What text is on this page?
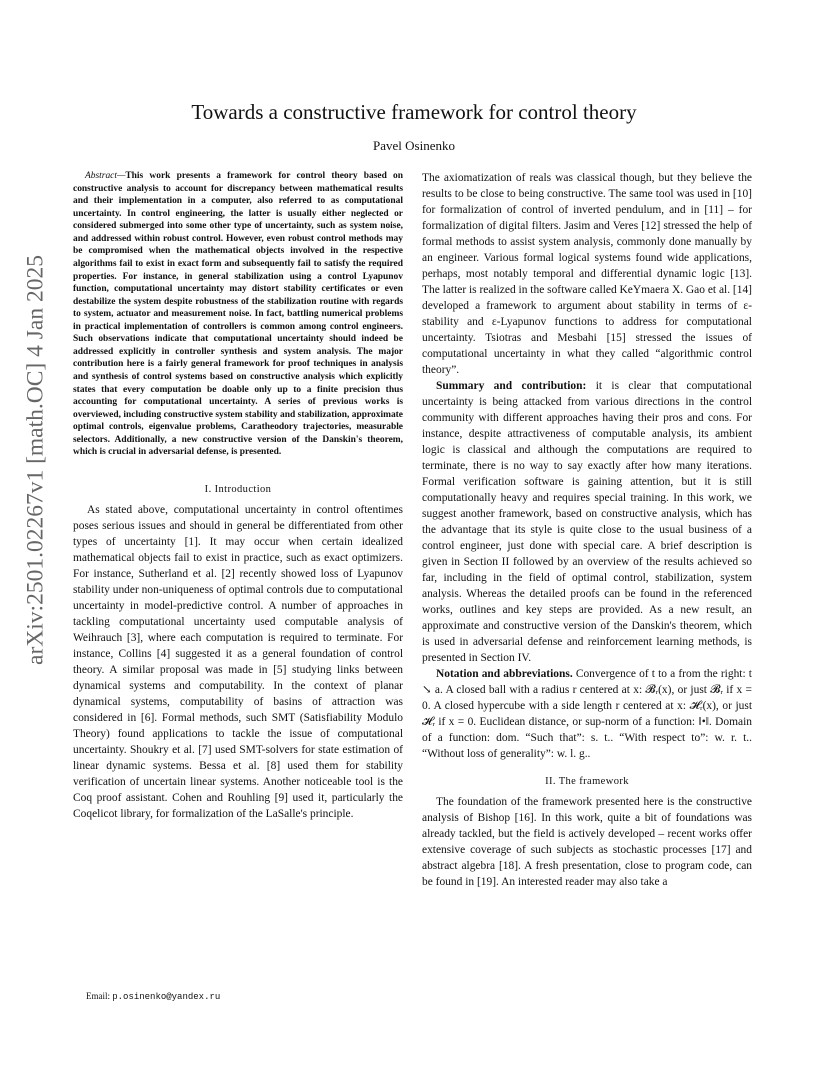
arXiv:2501.02267v1 [math.OC] 4 Jan 2025
Towards a constructive framework for control theory
Pavel Osinenko

Abstract—This work presents a framework for control theory based on constructive analysis to account for discrepancy between mathematical results and their implementation in a computer, also referred to as computational uncertainty. In control engineering, the latter is usually either neglected or considered submerged into some other type of uncertainty, such as system noise, and addressed within robust control. However, even robust control methods may be compromised when the mathematical objects involved in the respective algorithms fail to exist in exact form and subsequently fail to satisfy the required properties. For instance, in general stabilization using a control Lyapunov function, computational uncertainty may distort stability certificates or even destabilize the system despite robustness of the stabilization routine with regards to system, actuator and measurement noise. In fact, battling numerical problems in practical implementation of controllers is common among control engineers. Such observations indicate that computational uncertainty should indeed be addressed explicitly in controller synthesis and system analysis. The major contribution here is a fairly general framework for proof techniques in analysis and synthesis of control systems based on constructive analysis which explicitly states that every computation be doable only up to a finite precision thus accounting for computational uncertainty. A series of previous works is overviewed, including constructive system stability and stabilization, approximate optimal controls, eigenvalue problems, Caratheodory trajectories, measurable selectors. Additionally, a new constructive version of the Danskin's theorem, which is crucial in adversarial defense, is presented.

I. Introduction

As stated above, computational uncertainty in control oftentimes poses serious issues and should in general be differentiated from other types of uncertainty [1]. It may occur when certain idealized mathematical objects fail to exist in practice, such as exact optimizers. For instance, Sutherland et al. [2] recently showed loss of Lyapunov stability under non-uniqueness of optimal controls due to computational uncertainty in model-predictive control. A number of approaches in tackling computational uncertainty used computable analysis of Weihrauch [3], where each computation is required to terminate. For instance, Collins [4] suggested it as a general foundation of control theory. A similar proposal was made in [5] studying links between dynamical systems and computability. In the context of planar dynamical systems, computability of basins of attraction was considered in [6]. Formal methods, such SMT (Satisfiability Modulo Theory) found applications to tackle the issue of computational uncertainty. Shoukry et al. [7] used SMT-solvers for state estimation of linear dynamic systems. Bessa et al. [8] used them for stability verification of uncertain linear systems. Another noticeable tool is the Coq proof assistant. Cohen and Rouhling [9] used it, particularly the Coqelicot library, for formalization of the LaSalle's principle.

The axiomatization of reals was classical though, but they believe the results to be close to being constructive. The same tool was used in [10] for formalization of control of inverted pendulum, and in [11] – for formalization of digital filters. Jasim and Veres [12] stressed the help of formal methods to assist system analysis, commonly done manually by an engineer. Various formal logical systems found wide applications, perhaps, most notably temporal and differential dynamic logic [13]. The latter is realized in the software called KeYmaera X. Gao et al. [14] developed a framework to argument about stability in terms of ε-stability and ε-Lyapunov functions to address for computational uncertainty. Tsiotras and Mesbahi [15] stressed the issues of computational uncertainty in what they called “algorithmic control theory”.

Summary and contribution: it is clear that computational uncertainty is being attacked from various directions in the control community with different approaches having their pros and cons. For instance, despite attractiveness of computable analysis, its ambient logic is classical and although the computations are required to terminate, there is no way to say exactly after how many iterations. Formal verification software is gaining attention, but it is still computationally heavy and requires special training. In this work, we suggest another framework, based on constructive analysis, which has the advantage that its style is quite close to the usual business of a control engineer, just done with special care. A brief description is given in Section II followed by an overview of the results achieved so far, including in the field of optimal control, stabilization, system analysis. Whereas the detailed proofs can be found in the referenced works, outlines and key steps are provided. As a new result, an approximate and constructive version of the Danskin's theorem, which is used in adversarial defense and reinforcement learning methods, is presented in Section IV.

Notation and abbreviations. Convergence of t to a from the right: t ↘ a. A closed ball with a radius r centered at x: 𝓑ᵣ(x), or just 𝓑ᵣ if x = 0. A closed hypercube with a side length r centered at x: 𝓗ᵣ(x), or just 𝓗ᵣ if x = 0. Euclidean distance, or sup-norm of a function: ‖•‖. Domain of a function: dom. “Such that”: s. t.. “With respect to”: w. r. t.. “Without loss of generality”: w. l. g..

II. The framework

The foundation of the framework presented here is the constructive analysis of Bishop [16]. In this work, quite a bit of foundations was already tackled, but the field is actively developed – recent works offer extensive coverage of such subjects as stochastic processes [17] and abstract algebra [18]. A fresh presentation, close to program code, can be found in [19]. An interested reader may also take a

Email: p.osinenko@yandex.ru
